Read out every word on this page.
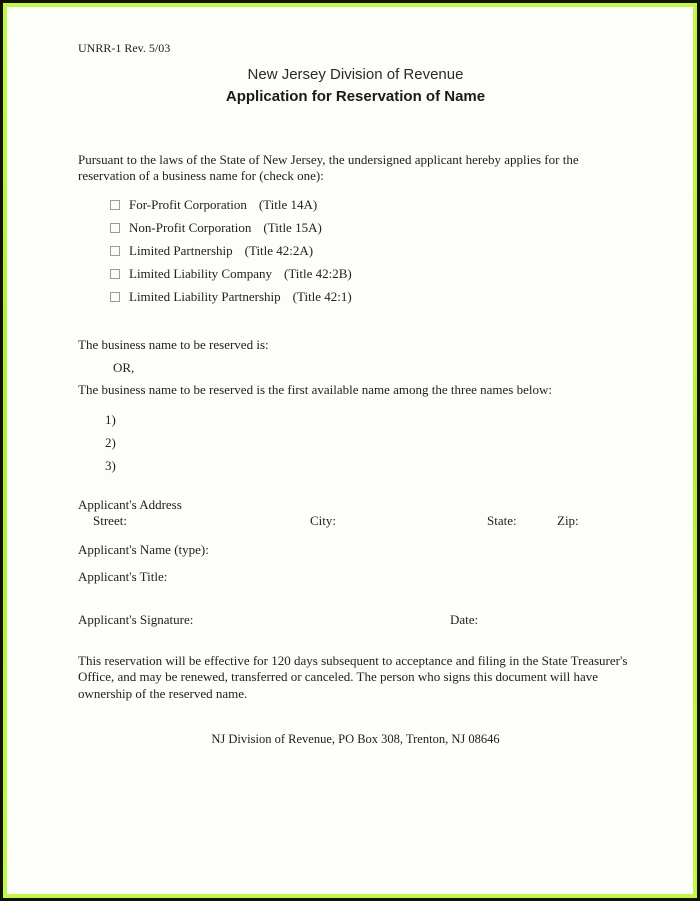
UNRR-1 Rev. 5/03
New Jersey Division of Revenue
Application for Reservation of Name

Pursuant to the laws of the State of New Jersey, the undersigned applicant hereby applies for the reservation of a business name for (check one):

For-Profit Corporation (Title 14A)
Non-Profit Corporation (Title 15A)
Limited Partnership (Title 42:2A)
Limited Liability Company (Title 42:2B)
Limited Liability Partnership (Title 42:1)
The business name to be reserved is:
OR,
The business name to be reserved is the first available name among the three names below:
1)
2)
3)
Applicant's Address
Street:	City:	State:	Zip:
Applicant's Name (type):
Applicant's Title:
Applicant's Signature:	Date:

This reservation will be effective for 120 days subsequent to acceptance and filing in the State Treasurer's Office, and may be renewed, transferred or canceled. The person who signs this document will have ownership of the reserved name.

NJ Division of Revenue, PO Box 308, Trenton, NJ 08646
